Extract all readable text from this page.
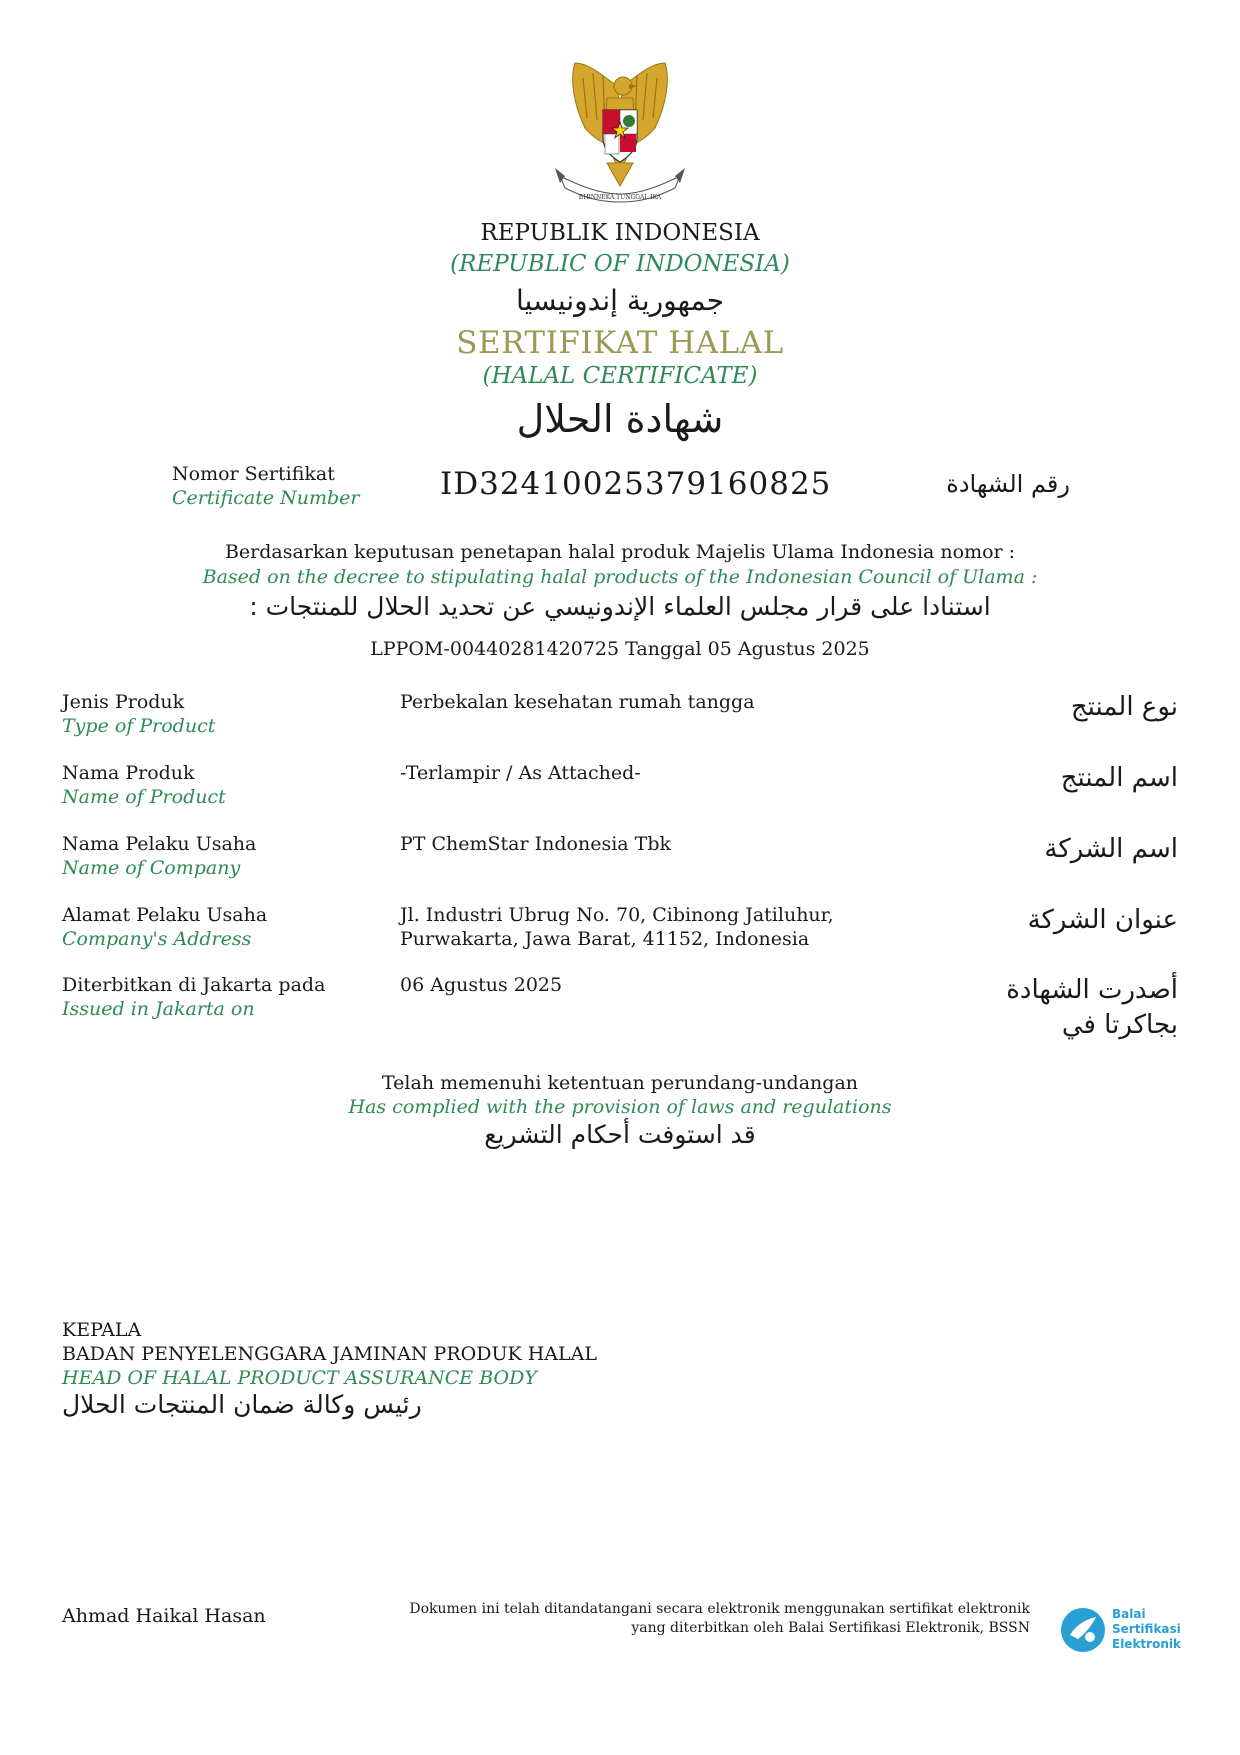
BHINNEKA TUNGGAL IKA
REPUBLIK INDONESIA
(REPUBLIC OF INDONESIA)
جمهورية إندونيسيا
SERTIFIKAT HALAL
(HALAL CERTIFICATE)
شهادة الحلال
Nomor Sertifikat
Certificate Number	ID32410025379160825	رقم الشهادة
Berdasarkan keputusan penetapan halal produk Majelis Ulama Indonesia nomor :
Based on the decree to stipulating halal products of the Indonesian Council of Ulama :
استنادا على قرار مجلس العلماء الإندونيسي عن تحديد الحلال للمنتجات :
LPPOM-00440281420725 Tanggal 05 Agustus 2025
Jenis Produk
Type of Product
Perbekalan kesehatan rumah tangga	نوع المنتج
Nama Produk
Name of Product
-Terlampir / As Attached-	اسم المنتج
Nama Pelaku Usaha
Name of Company
PT ChemStar Indonesia Tbk	اسم الشركة
Alamat Pelaku Usaha
Company's Address
Jl. Industri Ubrug No. 70, Cibinong Jatiluhur,
Purwakarta, Jawa Barat, 41152, Indonesia
عنوان الشركة
Diterbitkan di Jakarta pada
Issued in Jakarta on
06 Agustus 2025	أصدرت الشهادة
بجاكرتا في
Telah memenuhi ketentuan perundang-undangan
Has complied with the provision of laws and regulations
قد استوفت أحكام التشريع
KEPALA
BADAN PENYELENGGARA JAMINAN PRODUK HALAL
HEAD OF HALAL PRODUCT ASSURANCE BODY
رئيس وكالة ضمان المنتجات الحلال
Ahmad Haikal Hasan	Dokumen ini telah ditandatangani secara elektronik menggunakan sertifikat elektronik
yang diterbitkan oleh Balai Sertifikasi Elektronik, BSSN
Balai
Sertifikasi
Elektronik
